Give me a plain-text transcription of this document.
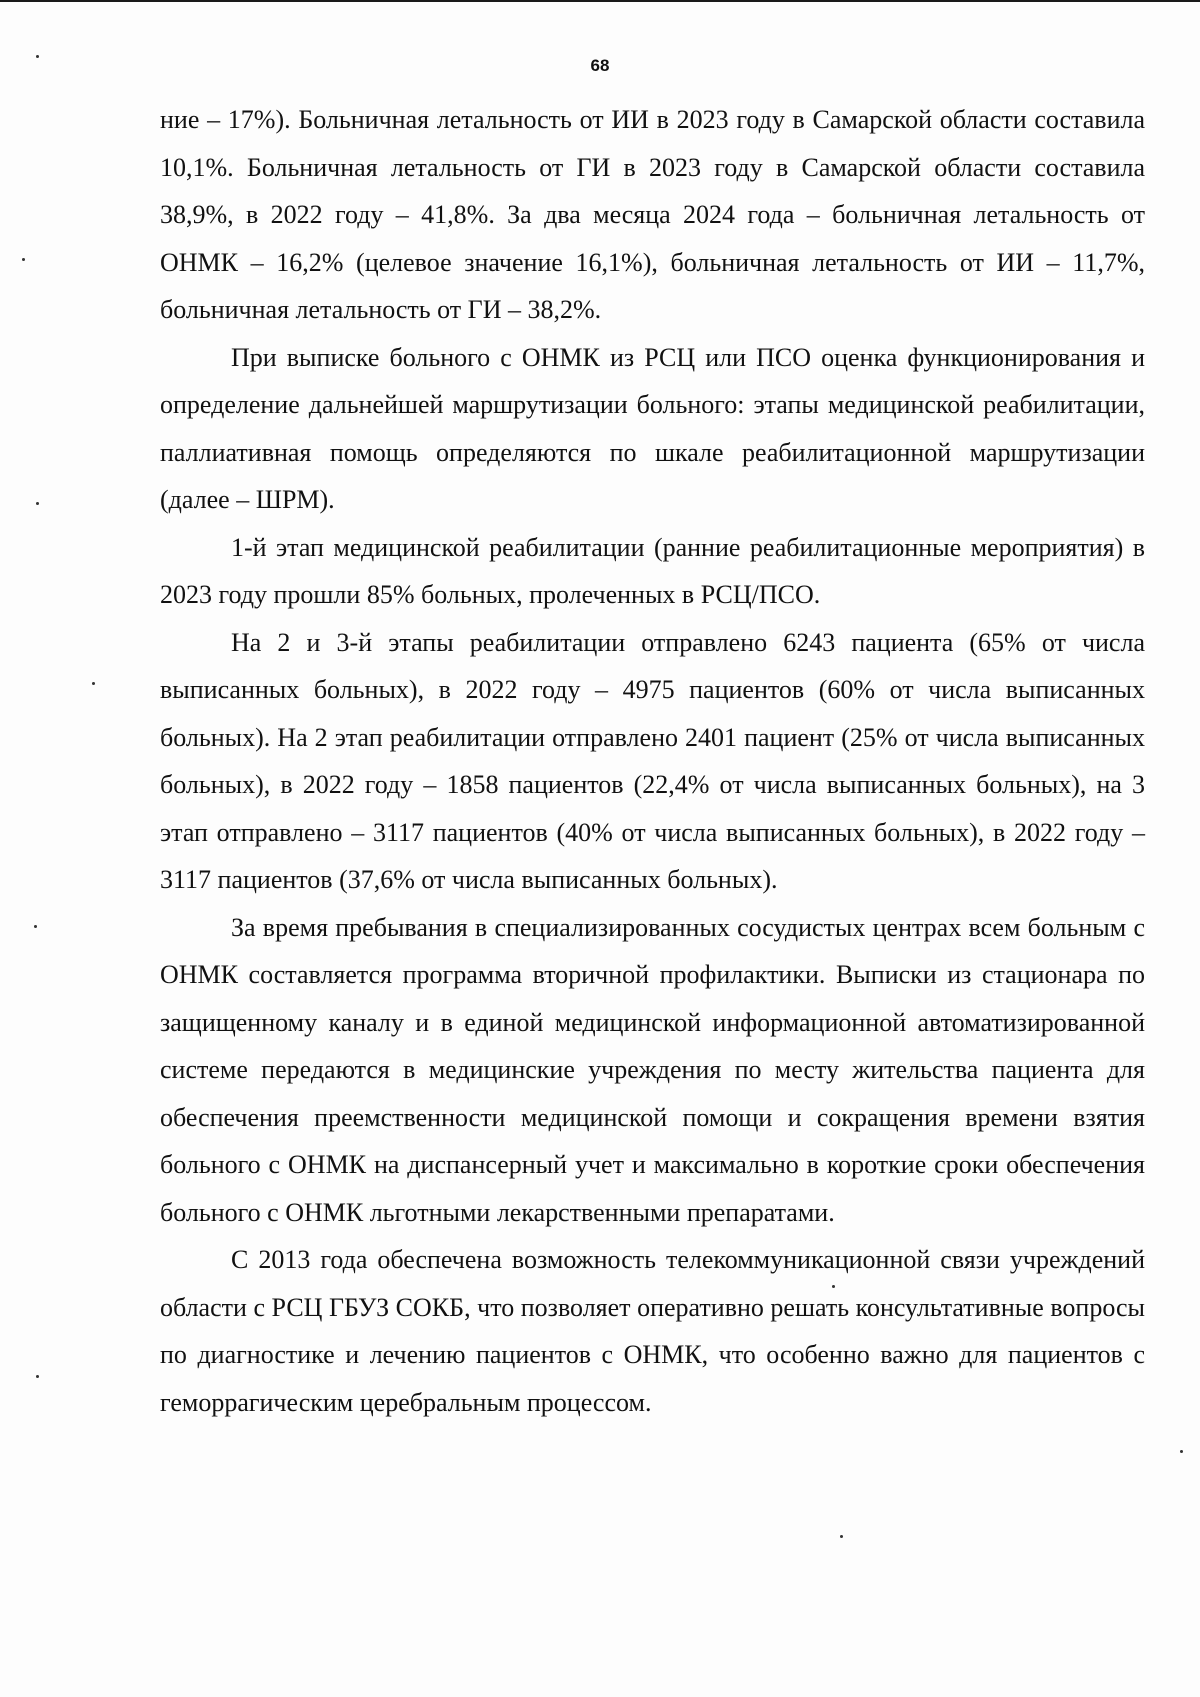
68

ние – 17%). Больничная летальность от ИИ в 2023 году в Самарской области составила 10,1%. Больничная летальность от ГИ в 2023 году в Самарской области составила 38,9%, в 2022 году – 41,8%. За два месяца 2024 года – больничная летальность от ОНМК – 16,2% (целевое значение 16,1%), больничная летальность от ИИ – 11,7%, больничная летальность от ГИ – 38,2%.

При выписке больного с ОНМК из РСЦ или ПСО оценка функционирования и определение дальнейшей маршрутизации больного: этапы медицинской реабилитации, паллиативная помощь определяются по шкале реабилитационной маршрутизации (далее – ШРМ).

1-й этап медицинской реабилитации (ранние реабилитационные мероприятия) в 2023 году прошли 85% больных, пролеченных в РСЦ/ПСО.

На 2 и 3-й этапы реабилитации отправлено 6243 пациента (65% от числа выписанных больных), в 2022 году – 4975 пациентов (60% от числа выписанных больных). На 2 этап реабилитации отправлено 2401 пациент (25% от числа выписанных больных), в 2022 году – 1858 пациентов (22,4% от числа выписанных больных), на 3 этап отправлено – 3117 пациентов (40% от числа выписанных больных), в 2022 году – 3117 пациентов (37,6% от числа выписанных больных).

За время пребывания в специализированных сосудистых центрах всем больным с ОНМК составляется программа вторичной профилактики. Выписки из стационара по защищенному каналу и в единой медицинской информационной автоматизированной системе передаются в медицинские учреждения по месту жительства пациента для обеспечения преемственности медицинской помощи и сокращения времени взятия больного с ОНМК на диспансерный учет и максимально в короткие сроки обеспечения больного с ОНМК льготными лекарственными препаратами.

С 2013 года обеспечена возможность телекоммуникационной связи учреждений области с РСЦ ГБУЗ СОКБ, что позволяет оперативно решать консультативные вопросы по диагностике и лечению пациентов с ОНМК, что особенно важно для пациентов с геморрагическим церебральным процессом.
